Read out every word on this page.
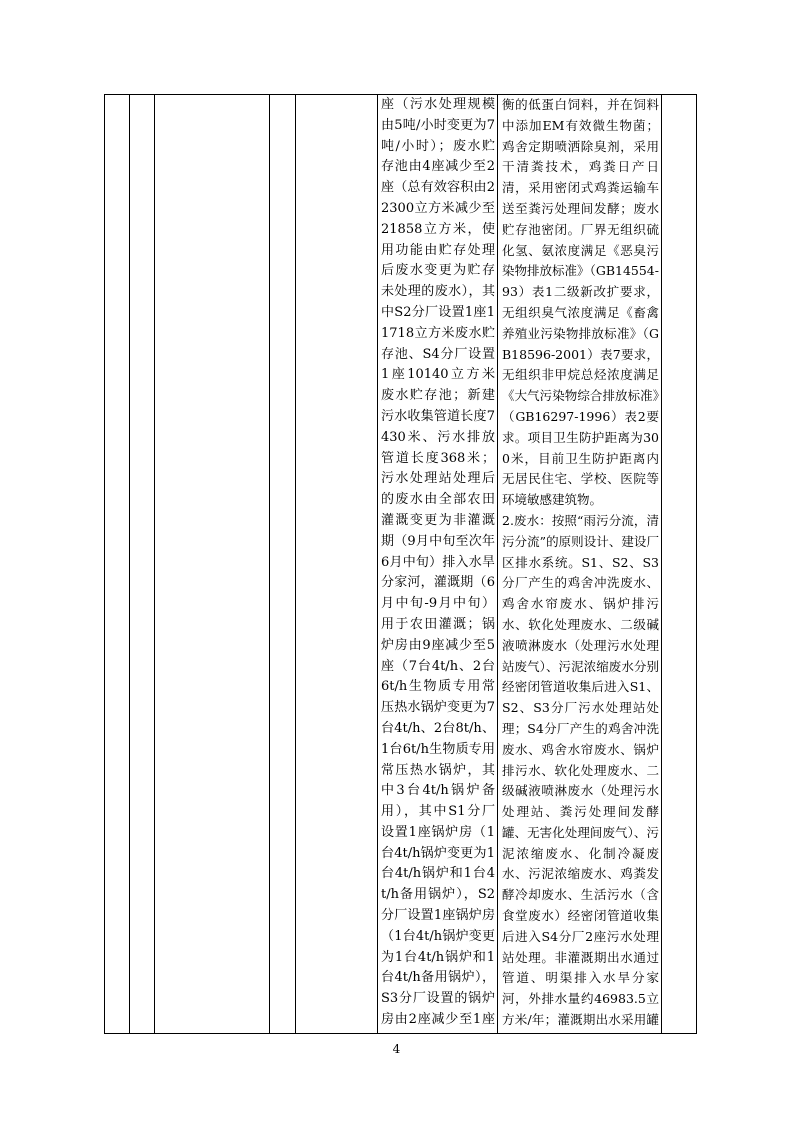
座（污水处理规模由5吨/小时变更为7吨/小时）；废水贮存池由4座减少至2座（总有效容积由22300立方米减少至21858立方米，使用功能由贮存处理后废水变更为贮存未处理的废水），其中S2分厂设置1座11718立方米废水贮存池、S4分厂设置1座10140立方米废水贮存池；新建污水收集管道长度7430米、污水排放管道长度368米；污水处理站处理后的废水由全部农田灌溉变更为非灌溉期（9月中旬至次年6月中旬）排入水旱分家河，灌溉期（6月中旬-9月中旬）用于农田灌溉；锅炉房由9座减少至5座（7台4t/h、2台6t/h生物质专用常压热水锅炉变更为7台4t/h、2台8t/h、1台6t/h生物质专用常压热水锅炉，其中3台4t/h锅炉备用），其中S1分厂设置1座锅炉房（1台4t/h锅炉变更为1台4t/h锅炉和1台4t/h备用锅炉），S2分厂设置1座锅炉房（1台4t/h锅炉变更为1台4t/h锅炉和1台4t/h备用锅炉），S3分厂设置的锅炉房由2座减少至1座

衡的低蛋白饲料，并在饲料中添加EM有效微生物菌；鸡舍定期喷洒除臭剂，采用干清粪技术，鸡粪日产日清，采用密闭式鸡粪运输车送至粪污处理间发酵；废水贮存池密闭。厂界无组织硫化氢、氨浓度满足《恶臭污染物排放标准》（GB14554-93）表1二级新改扩要求，无组织臭气浓度满足《畜禽养殖业污染物排放标准》（GB18596-2001）表7要求，无组织非甲烷总烃浓度满足《大气污染物综合排放标准》（GB16297-1996）表2要求。项目卫生防护距离为300米，目前卫生防护距离内无居民住宅、学校、医院等环境敏感建筑物。
2.废水：按照“雨污分流，清污分流”的原则设计、建设厂区排水系统。S1、S2、S3分厂产生的鸡舍冲洗废水、鸡舍水帘废水、锅炉排污水、软化处理废水、二级碱液喷淋废水（处理污水处理站废气）、污泥浓缩废水分别经密闭管道收集后进入S1、S2、S3分厂污水处理站处理；S4分厂产生的鸡舍冲洗废水、鸡舍水帘废水、锅炉排污水、软化处理废水、二级碱液喷淋废水（处理污水处理站、粪污处理间发酵罐、无害化处理间废气）、污泥浓缩废水、化制冷凝废水、污泥浓缩废水、鸡粪发酵冷却废水、生活污水（含食堂废水）经密闭管道收集后进入S4分厂2座污水处理站处理。非灌溉期出水通过管道、明渠排入水旱分家河，外排水量约46983.5立方米/年；灌溉期出水采用罐

4
